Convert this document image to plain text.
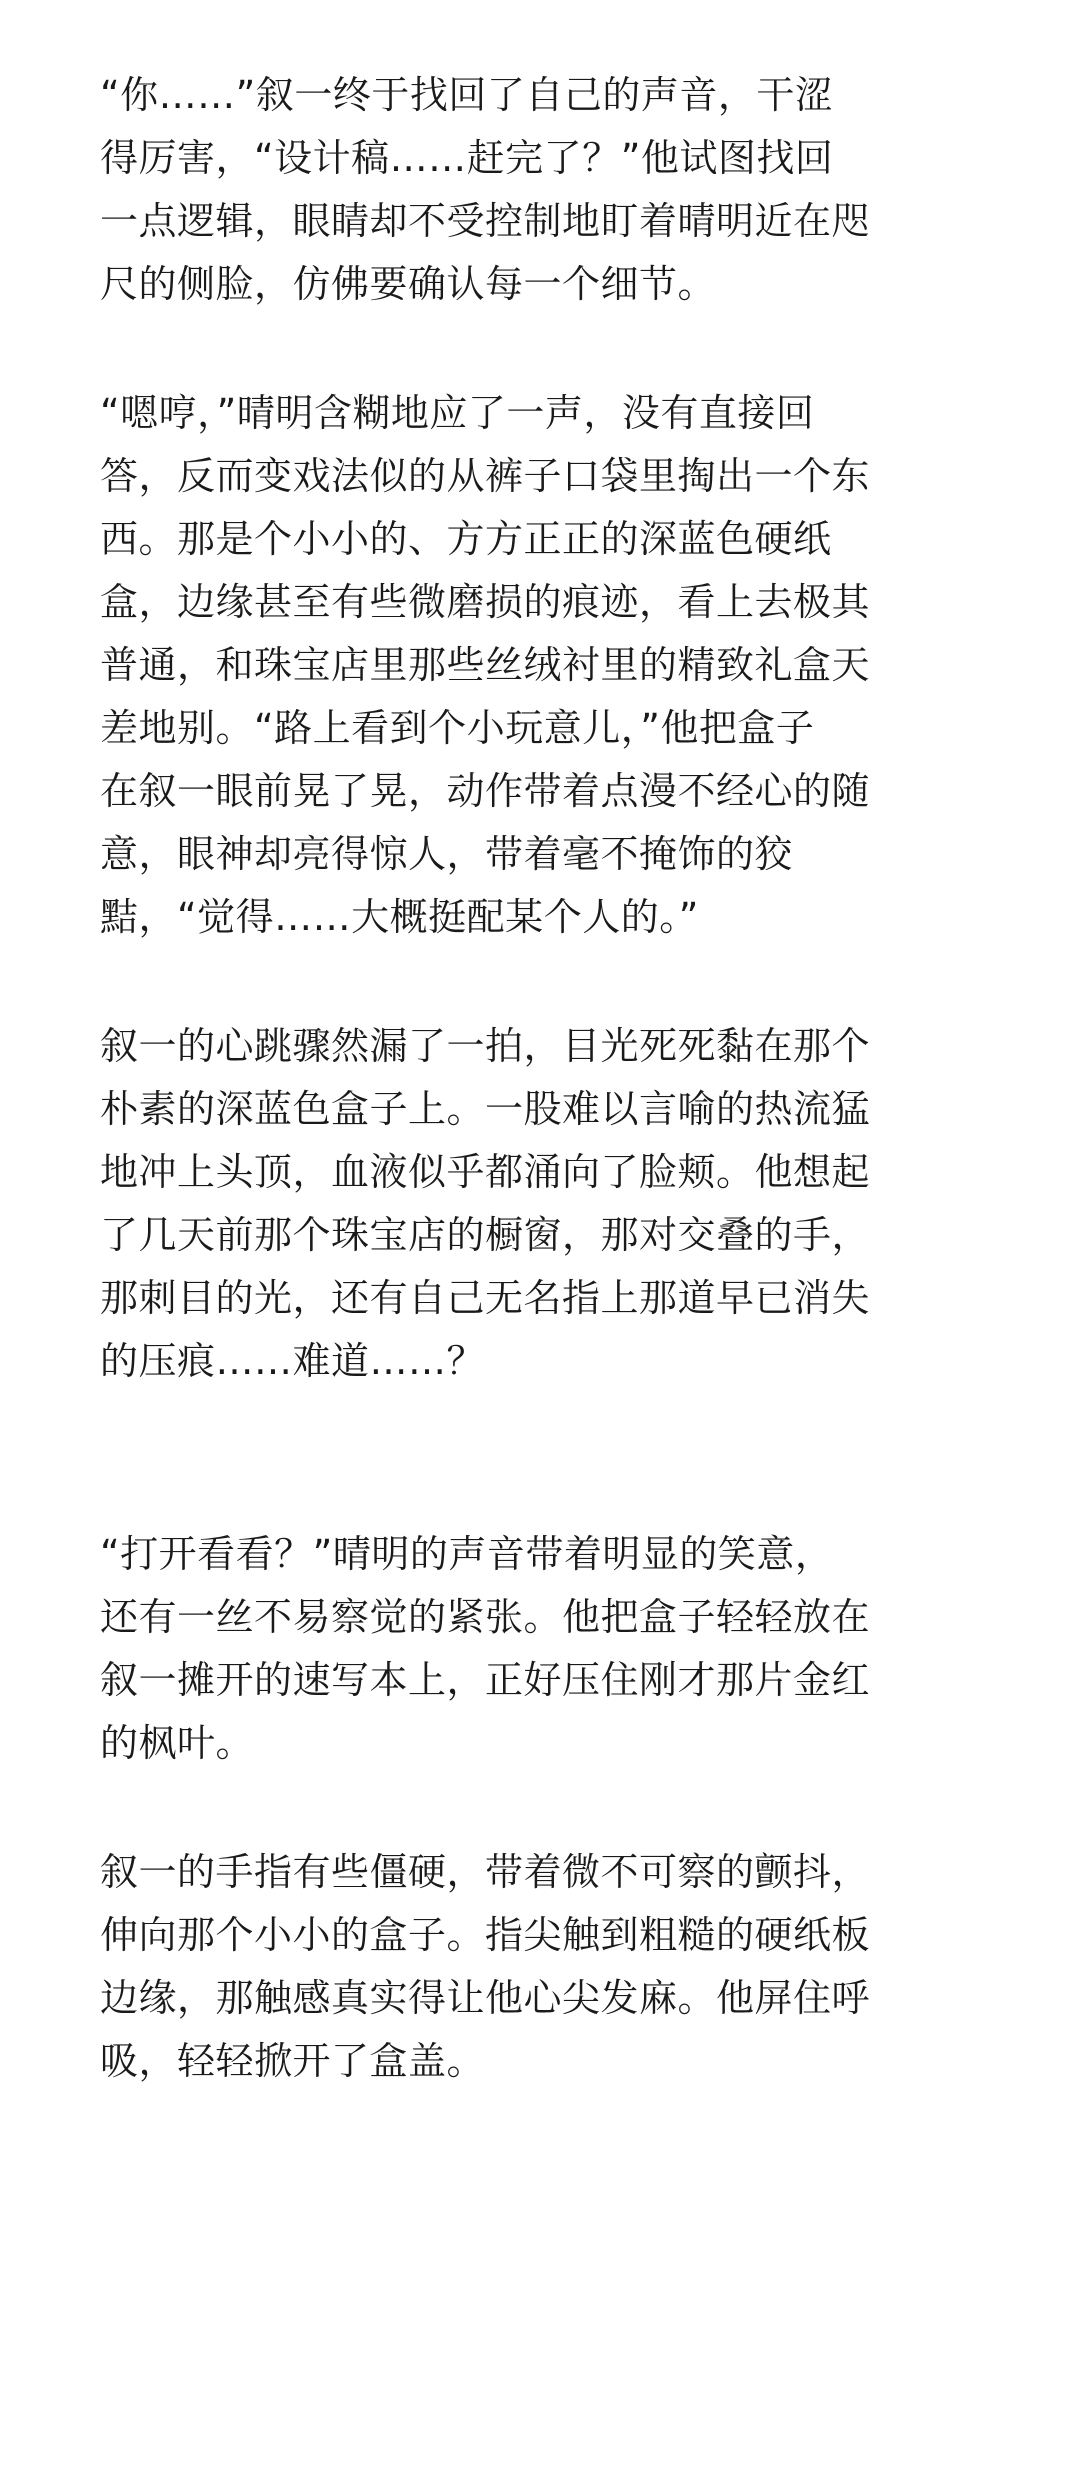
“你……”叙一终于找回了自己的声音，干涩
得厉害，“设计稿……赶完了？”他试图找回
一点逻辑，眼睛却不受控制地盯着晴明近在咫
尺的侧脸，仿佛要确认每一个细节。

“嗯哼，”晴明含糊地应了一声，没有直接回
答，反而变戏法似的从裤子口袋里掏出一个东
西。那是个小小的、方方正正的深蓝色硬纸
盒，边缘甚至有些微磨损的痕迹，看上去极其
普通，和珠宝店里那些丝绒衬里的精致礼盒天
差地别。“路上看到个小玩意儿，”他把盒子
在叙一眼前晃了晃，动作带着点漫不经心的随
意，眼神却亮得惊人，带着毫不掩饰的狡
黠，“觉得……大概挺配某个人的。”

叙一的心跳骤然漏了一拍，目光死死黏在那个
朴素的深蓝色盒子上。一股难以言喻的热流猛
地冲上头顶，血液似乎都涌向了脸颊。他想起
了几天前那个珠宝店的橱窗，那对交叠的手，
那刺目的光，还有自己无名指上那道早已消失
的压痕……难道……？

“打开看看？”晴明的声音带着明显的笑意，
还有一丝不易察觉的紧张。他把盒子轻轻放在
叙一摊开的速写本上，正好压住刚才那片金红
的枫叶。

叙一的手指有些僵硬，带着微不可察的颤抖，
伸向那个小小的盒子。指尖触到粗糙的硬纸板
边缘，那触感真实得让他心尖发麻。他屏住呼
吸，轻轻掀开了盒盖。
